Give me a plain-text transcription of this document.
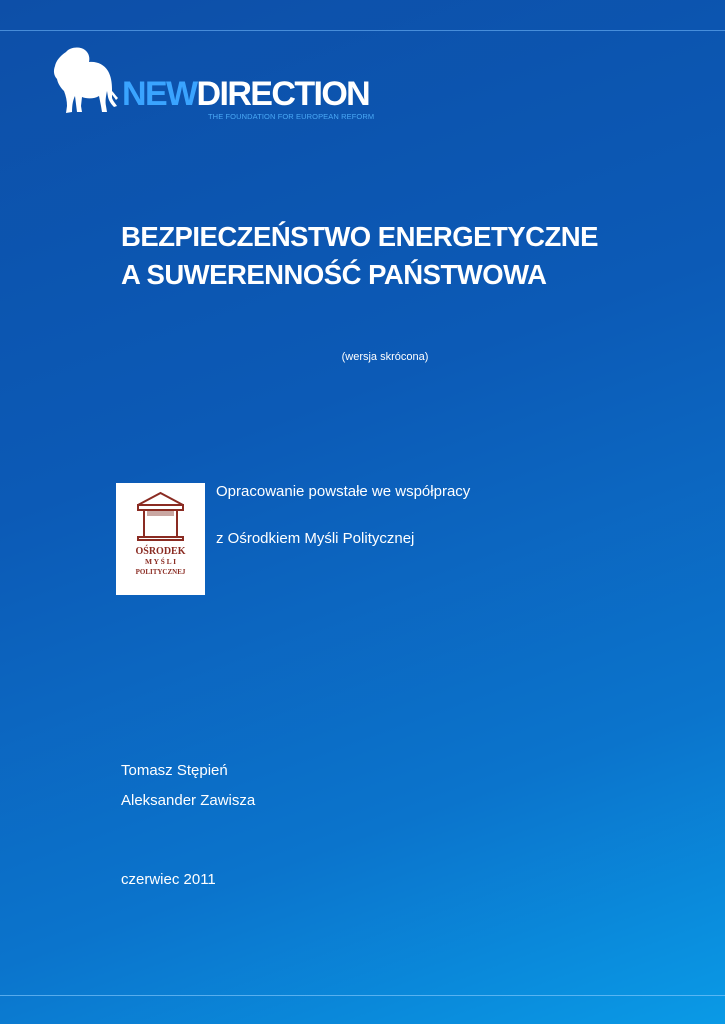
NEWDIRECTION
THE FOUNDATION FOR EUROPEAN REFORM
BEZPIECZEŃSTWO ENERGETYCZNE
A SUWERENNOŚĆ PAŃSTWOWA
(wersja skrócona)
OŚRODEK
M Y Ś L I
POLITYCZNEJ

Opracowanie powstałe we współpracy

z Ośrodkiem Myśli Politycznej

Tomasz Stępień
Aleksander Zawisza
czerwiec 2011
